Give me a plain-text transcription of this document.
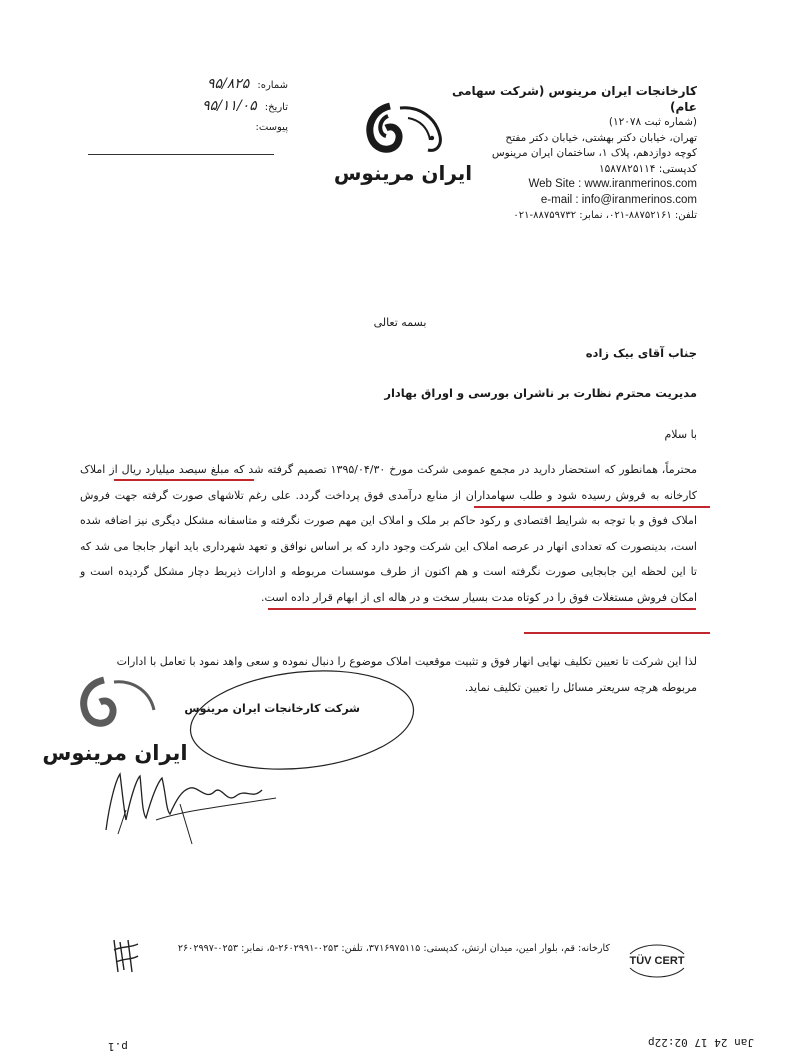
کارخانجات ایران مرینوس (شرکت سهامی عام)
(شماره ثبت ۱۲۰۷۸)
تهران، خیابان دکتر بهشتی، خیابان دکتر مفتح
کوچه دوازدهم، پلاک ۱، ساختمان ایران مرینوس
کدپستی: ۱۵۸۷۸۲۵۱۱۴
Web Site : www.iranmerinos.com
e-mail : info@iranmerinos.com
تلفن: ۸۸۷۵۲۱۶۱-۰۲۱، نمابر: ۸۸۷۵۹۷۳۲-۰۲۱
ایران مرینوس
شماره:
۹۵/۸۲۵
تاریخ:
۹۵/۱۱/۰۵
پیوست:
بسمه تعالی
جناب آقای بیک زاده
مدیریت محترم نظارت بر ناشران بورسی و اوراق بهادار
با سلام
محترماً، همانطور که استحضار دارید در مجمع عمومی شرکت مورخ ۱۳۹۵/۰۴/۳۰ تصمیم گرفته شد که مبلغ سیصد میلیارد ریال از املاک کارخانه به فروش رسیده شود و طلب سهامداران از منابع درآمدی فوق پرداخت گردد. علی رغم تلاشهای صورت گرفته جهت فروش املاک فوق و با توجه به شرایط اقتصادی و رکود حاکم بر ملک و املاک این مهم صورت نگرفته و متاسفانه مشکل دیگری نیز اضافه شده است، بدینصورت که تعدادی انهار در عرصه املاک این شرکت وجود دارد که بر اساس نوافق و تعهد شهرداری باید انهار جابجا می شد که تا این لحظه این جابجایی صورت نگرفته است و هم اکنون از طرف موسسات مربوطه و ادارات ذیربط دچار مشکل گردیده است و امکان فروش مستغلات فوق را در کوتاه مدت بسیار سخت و در هاله ای از ابهام قرار داده است.
لذا این شرکت تا تعیین تکلیف نهایی انهار فوق و تثبیت موقعیت املاک موضوع را دنبال نموده و سعی واهد نمود با تعامل با ادارات مربوطه هرچه سریعتر مسائل را تعیین تکلیف نماید.
ایران مرینوس
شرکت کارخانجات ایران مرینوس
کارخانه: قم، بلوار امین، میدان ارتش، کدپستی: ۳۷۱۶۹۷۵۱۱۵، تلفن: ۰۲۵۳-۲۶۰۲۹۹۱-۵، نمابر: ۰۲۵۳-۲۶۰۲۹۹۷
TÜV CERT
Jan 24 17 02:22p
p.1
